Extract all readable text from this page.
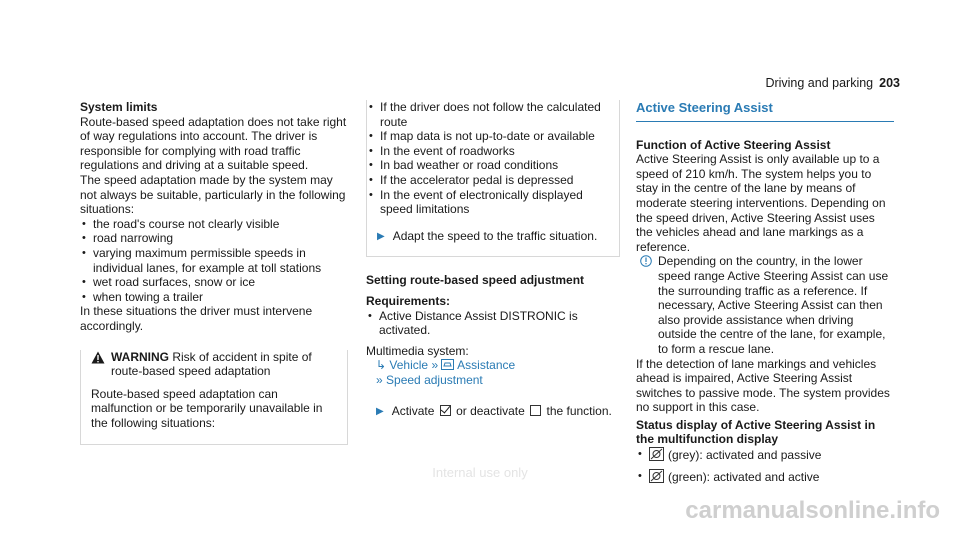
Driving and parking 203

System limits

Route-based speed adaptation does not take right of way regulations into account. The driver is responsible for complying with road traffic regulations and driving at a suitable speed.

The speed adaptation made by the system may not always be suitable, particularly in the following situations:

• the road's course not clearly visible
• road narrowing
• varying maximum permissible speeds in individual lanes, for example at toll stations
• wet road surfaces, snow or ice
• when towing a trailer

In these situations the driver must intervene accordingly.

WARNING Risk of accident in spite of route-based speed adaptation

Route-based speed adaptation can malfunction or be temporarily unavailable in the following situations:

• If the driver does not follow the calculated route
• If map data is not up-to-date or available
• In the event of roadworks
• In bad weather or road conditions
• If the accelerator pedal is depressed
• In the event of electronically displayed speed limitations
▶ Adapt the speed to the traffic situation.

Setting route-based speed adjustment

Requirements:

• Active Distance Assist DISTRONIC is activated.

Multimedia system:

↳ Vehicle » Assistance
» Speed adjustment
▶ Activate or deactivate the function.
Active Steering Assist

Function of Active Steering Assist

Active Steering Assist is only available up to a speed of 210 km/h. The system helps you to stay in the centre of the lane by means of moderate steering interventions. Depending on the speed driven, Active Steering Assist uses the vehicles ahead and lane markings as a reference.

Depending on the country, in the lower speed range Active Steering Assist can use the surrounding traffic as a reference. If necessary, Active Steering Assist can then also provide assistance when driving outside the centre of the lane, for example, to form a rescue lane.

If the detection of lane markings and vehicles ahead is impaired, Active Steering Assist switches to passive mode. The system provides no support in this case.

Status display of Active Steering Assist in the multifunction display

• (grey): activated and passive
• (green): activated and active
Internal use only
carmanualsonline.info
